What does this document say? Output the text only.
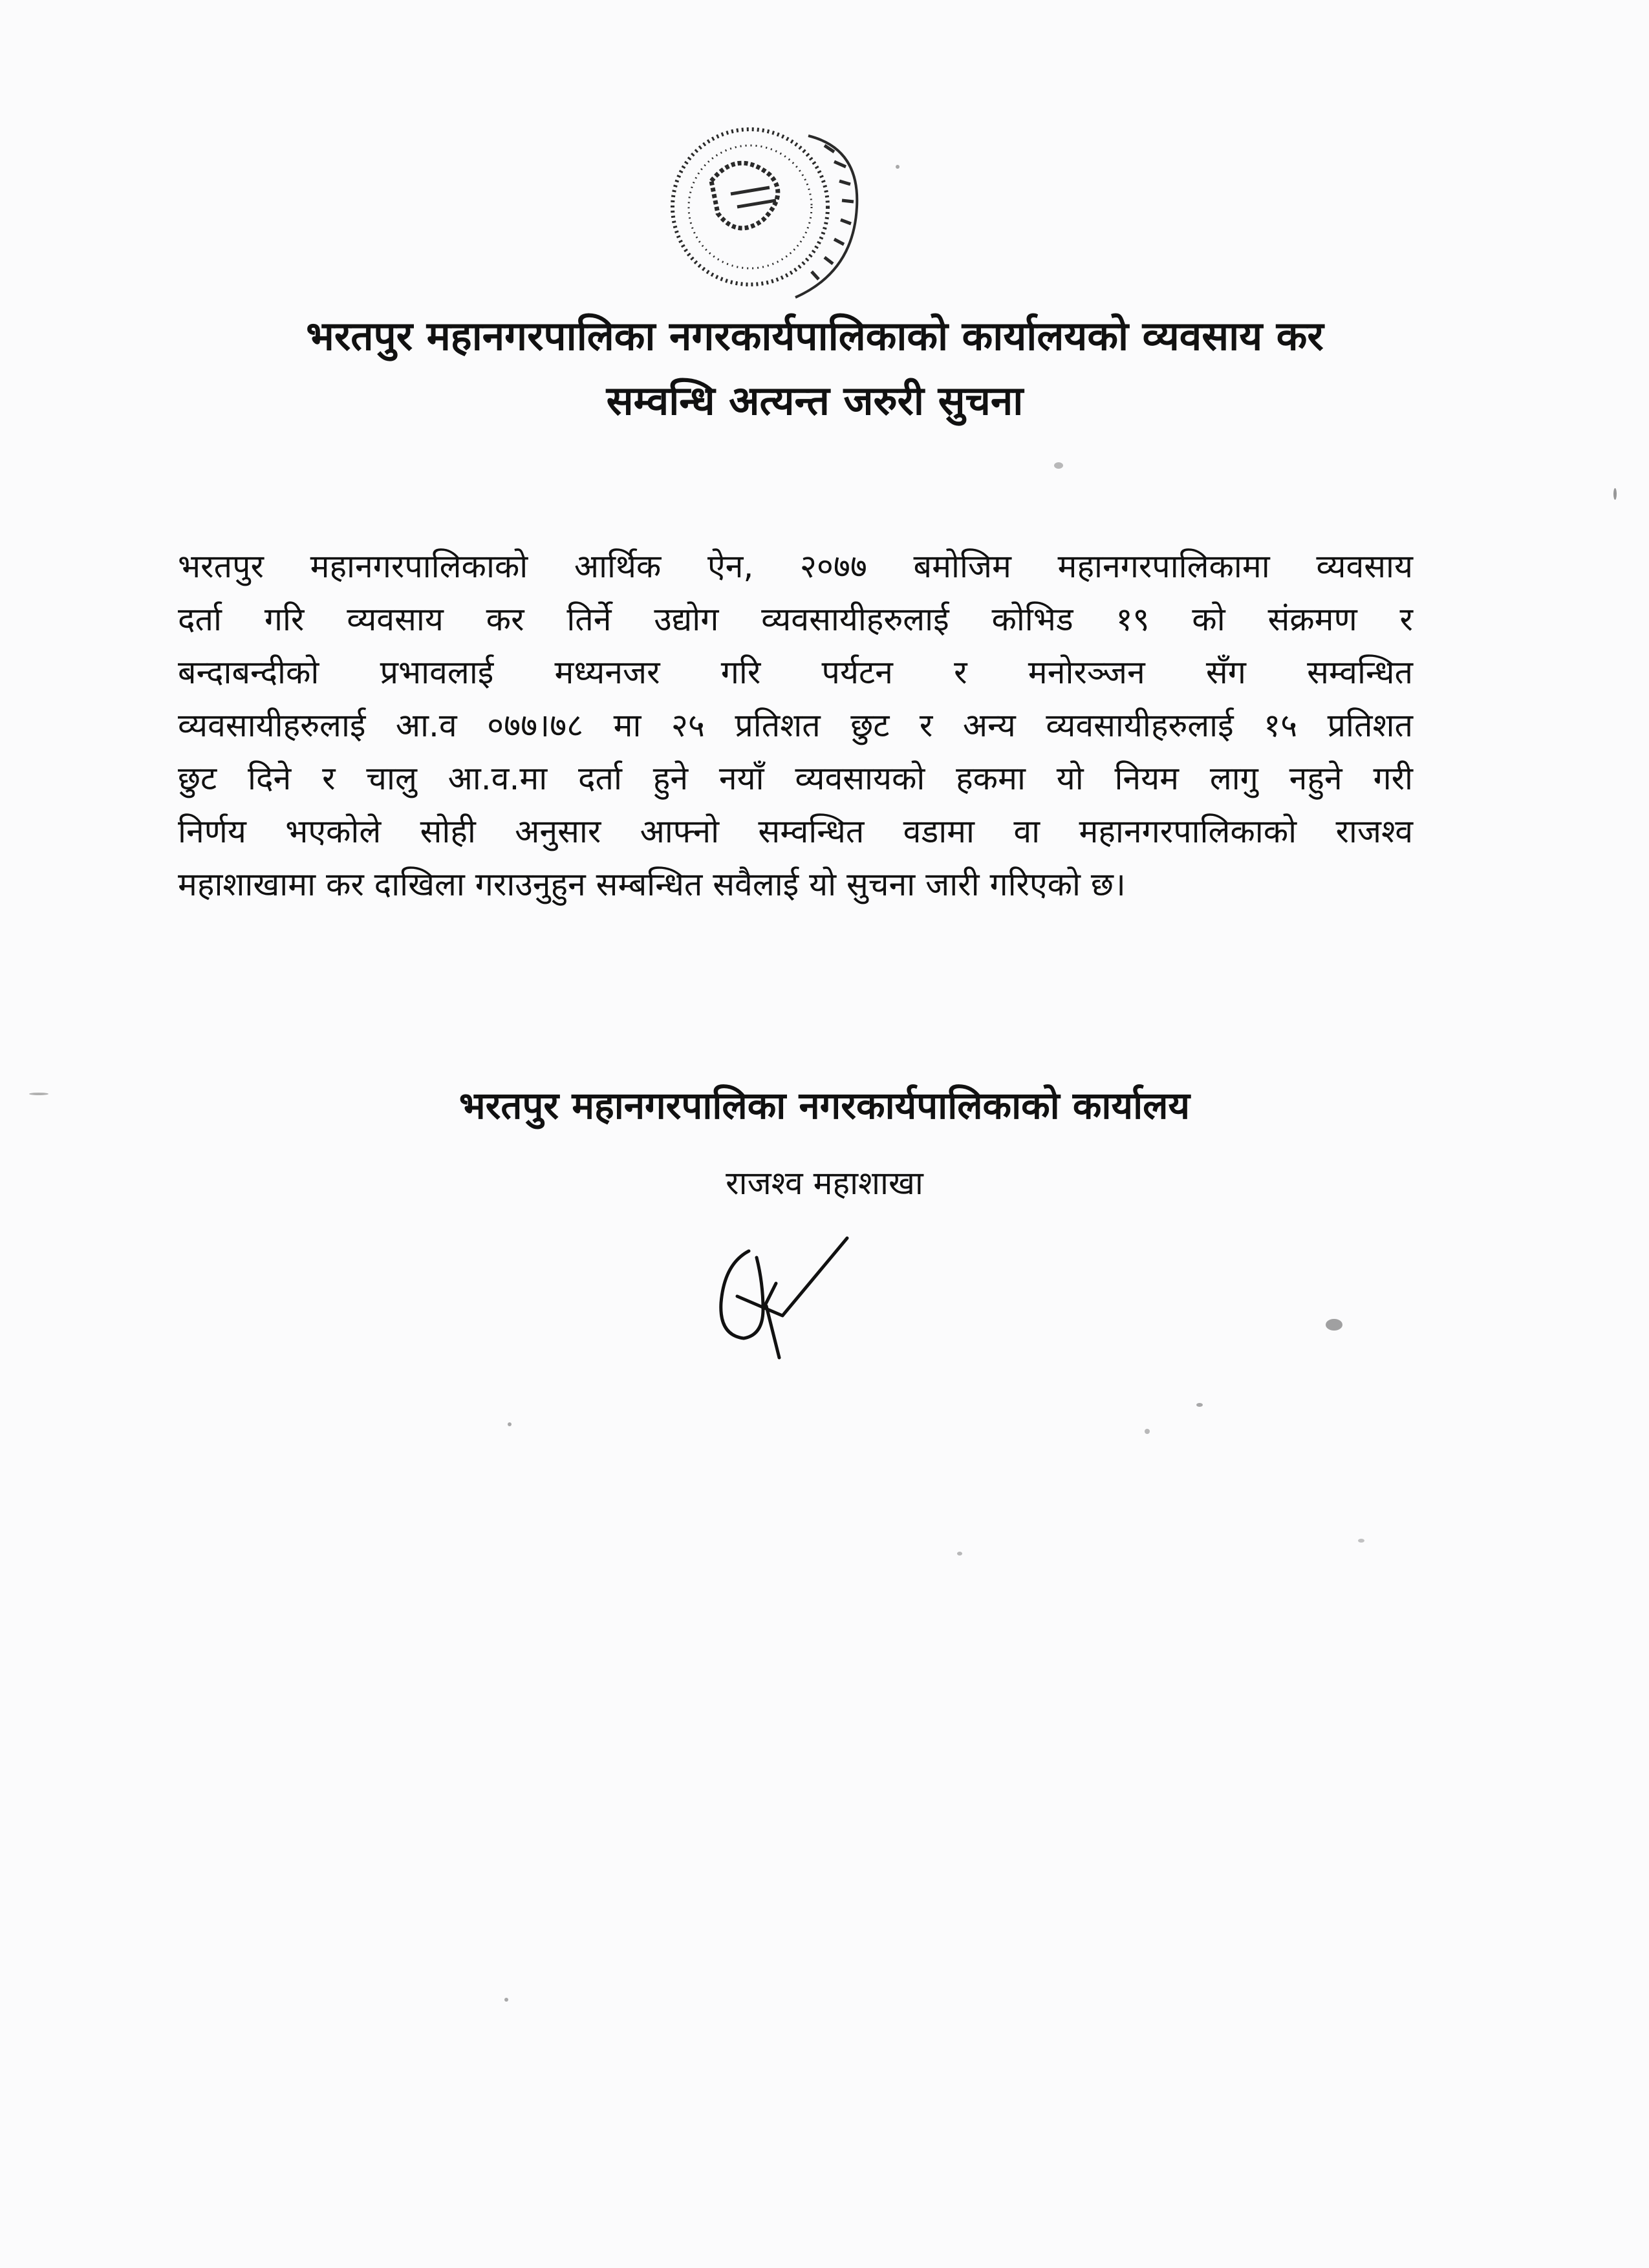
भरतपुर महानगरपालिका नगरकार्यपालिकाको कार्यालयको व्यवसाय कर
सम्वन्धि अत्यन्त जरुरी सुचना
भरतपुर महानगरपालिकाको आर्थिक ऐन, २०७७ बमोजिम महानगरपालिकामा व्यवसाय
दर्ता गरि व्यवसाय कर तिर्ने उद्योग व्यवसायीहरुलाई कोभिड १९ को संक्रमण र
बन्दाबन्दीको प्रभावलाई मध्यनजर गरि पर्यटन र मनोरञ्जन सँग सम्वन्धित
व्यवसायीहरुलाई आ.व ०७७।७८ मा २५ प्रतिशत छुट र अन्य व्यवसायीहरुलाई १५ प्रतिशत
छुट दिने र चालु आ.व.मा दर्ता हुने नयाँ व्यवसायको हकमा यो नियम लागु नहुने गरी
निर्णय भएकोले सोही अनुसार आफ्नो सम्वन्धित वडामा वा महानगरपालिकाको राजश्व
महाशाखामा कर दाखिला गराउनुहुन सम्बन्धित सवैलाई यो सुचना जारी गरिएको छ।
भरतपुर महानगरपालिका नगरकार्यपालिकाको कार्यालय
राजश्व महाशाखा
